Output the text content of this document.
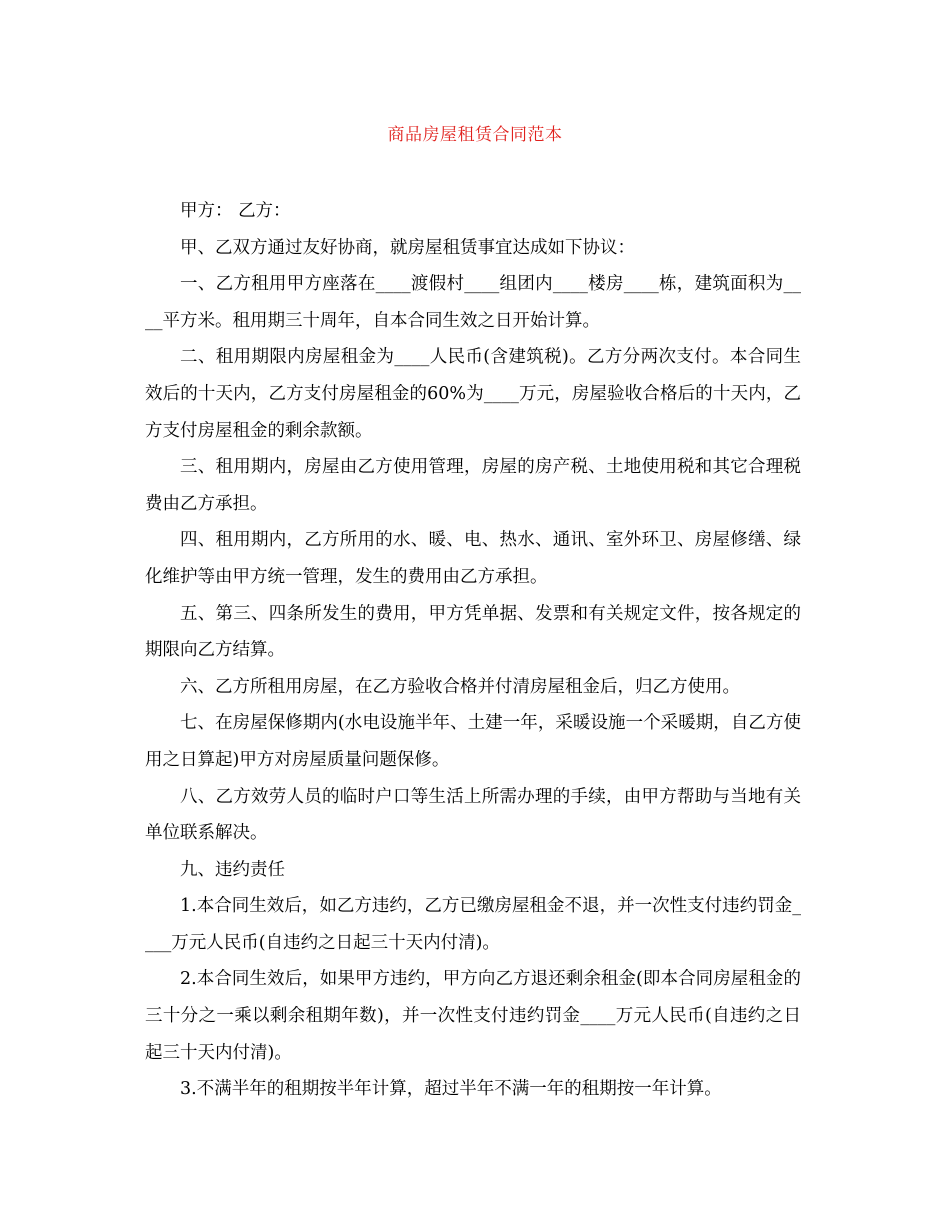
商品房屋租赁合同范本

甲方： 乙方：

甲、乙双方通过友好协商，就房屋租赁事宜达成如下协议：

一、乙方租用甲方座落在____渡假村____组团内____楼房____栋，建筑面积为____平方米。租用期三十周年，自本合同生效之日开始计算。

二、租用期限内房屋租金为____人民币(含建筑税)。乙方分两次支付。本合同生效后的十天内，乙方支付房屋租金的60%为____万元，房屋验收合格后的十天内，乙方支付房屋租金的剩余款额。

三、租用期内，房屋由乙方使用管理，房屋的房产税、土地使用税和其它合理税费由乙方承担。

四、租用期内，乙方所用的水、暖、电、热水、通讯、室外环卫、房屋修缮、绿化维护等由甲方统一管理，发生的费用由乙方承担。

五、第三、四条所发生的费用，甲方凭单据、发票和有关规定文件，按各规定的期限向乙方结算。

六、乙方所租用房屋，在乙方验收合格并付清房屋租金后，归乙方使用。

七、在房屋保修期内(水电设施半年、土建一年，采暖设施一个采暖期，自乙方使用之日算起)甲方对房屋质量问题保修。

八、乙方效劳人员的临时户口等生活上所需办理的手续，由甲方帮助与当地有关单位联系解决。

九、违约责任

1.本合同生效后，如乙方违约，乙方已缴房屋租金不退，并一次性支付违约罚金____万元人民币(自违约之日起三十天内付清)。

2.本合同生效后，如果甲方违约，甲方向乙方退还剩余租金(即本合同房屋租金的三十分之一乘以剩余租期年数)，并一次性支付违约罚金____万元人民币(自违约之日起三十天内付清)。

3.不满半年的租期按半年计算，超过半年不满一年的租期按一年计算。
